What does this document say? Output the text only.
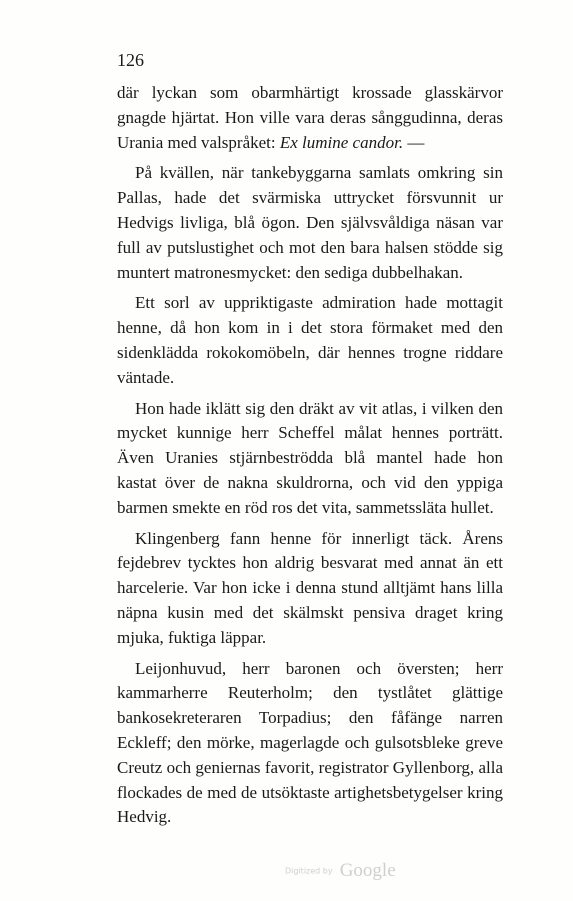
126

där lyckan som obarmhärtigt krossade glasskärvor gnagde hjärtat. Hon ville vara deras sånggudinna, deras Urania med valspråket: Ex lumine candor. —

På kvällen, när tankebyggarna samlats omkring sin Pallas, hade det svärmiska uttrycket försvunnit ur Hedvigs livliga, blå ögon. Den självsvåldiga näsan var full av putslustighet och mot den bara halsen stödde sig muntert matronesmycket: den sediga dubbelhakan.

Ett sorl av uppriktigaste admiration hade mottagit henne, då hon kom in i det stora förmaket med den sidenklädda rokokomöbeln, där hennes trogne riddare väntade.

Hon hade iklätt sig den dräkt av vit atlas, i vilken den mycket kunnige herr Scheffel målat hennes porträtt. Även Uranies stjärnbeströdda blå mantel hade hon kastat över de nakna skuldrorna, och vid den yppiga barmen smekte en röd ros det vita, sammetssläta hullet.

Klingenberg fann henne för innerligt täck. Årens fejdebrev tycktes hon aldrig besvarat med annat än ett harcelerie. Var hon icke i denna stund alltjämt hans lilla näpna kusin med det skälmskt pensiva draget kring mjuka, fuktiga läppar.

Leijonhuvud, herr baronen och översten; herr kammarherre Reuterholm; den tystlåtet glättige bankosekreteraren Torpadius; den fåfänge narren Eckleff; den mörke, magerlagde och gulsotsbleke greve Creutz och geniernas favorit, registrator Gyllenborg, alla flockades de med de utsöktaste artighetsbetygelser kring Hedvig.

Digitized by Google
